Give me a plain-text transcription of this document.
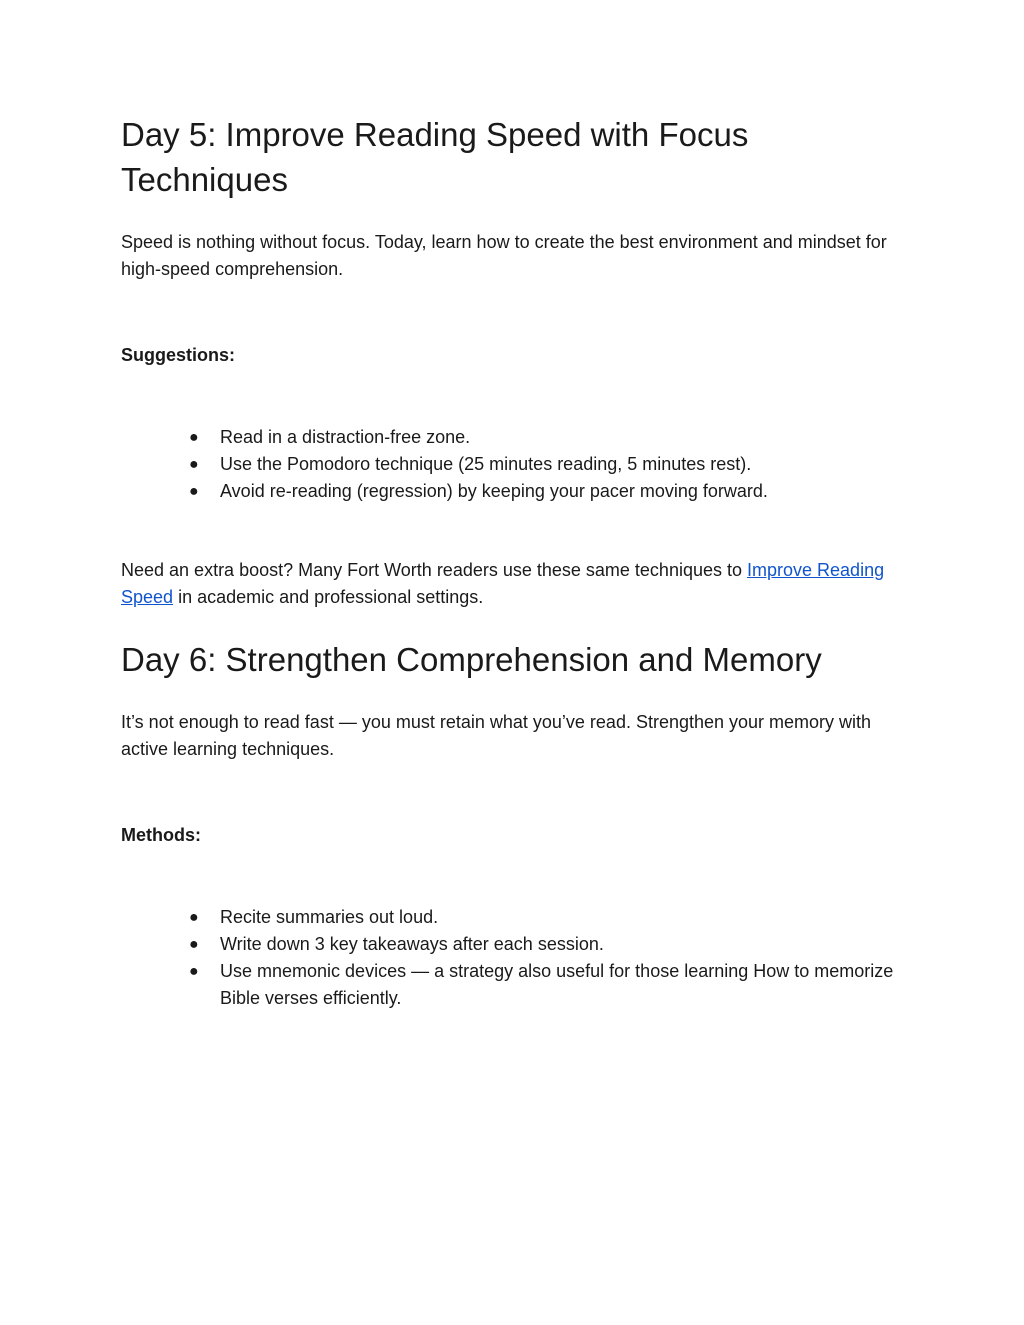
Day 5: Improve Reading Speed with Focus
Techniques

Speed is nothing without focus. Today, learn how to create the best environment and mindset for high-speed comprehension.

Suggestions:

● Read in a distraction-free zone.
● Use the Pomodoro technique (25 minutes reading, 5 minutes rest).
● Avoid re-reading (regression) by keeping your pacer moving forward.

Need an extra boost? Many Fort Worth readers use these same techniques to Improve Reading Speed in academic and professional settings.

Day 6: Strengthen Comprehension and Memory

It’s not enough to read fast — you must retain what you’ve read. Strengthen your memory with active learning techniques.

Methods:

● Recite summaries out loud.
● Write down 3 key takeaways after each session.
● Use mnemonic devices — a strategy also useful for those learning How to memorize Bible verses efficiently.
